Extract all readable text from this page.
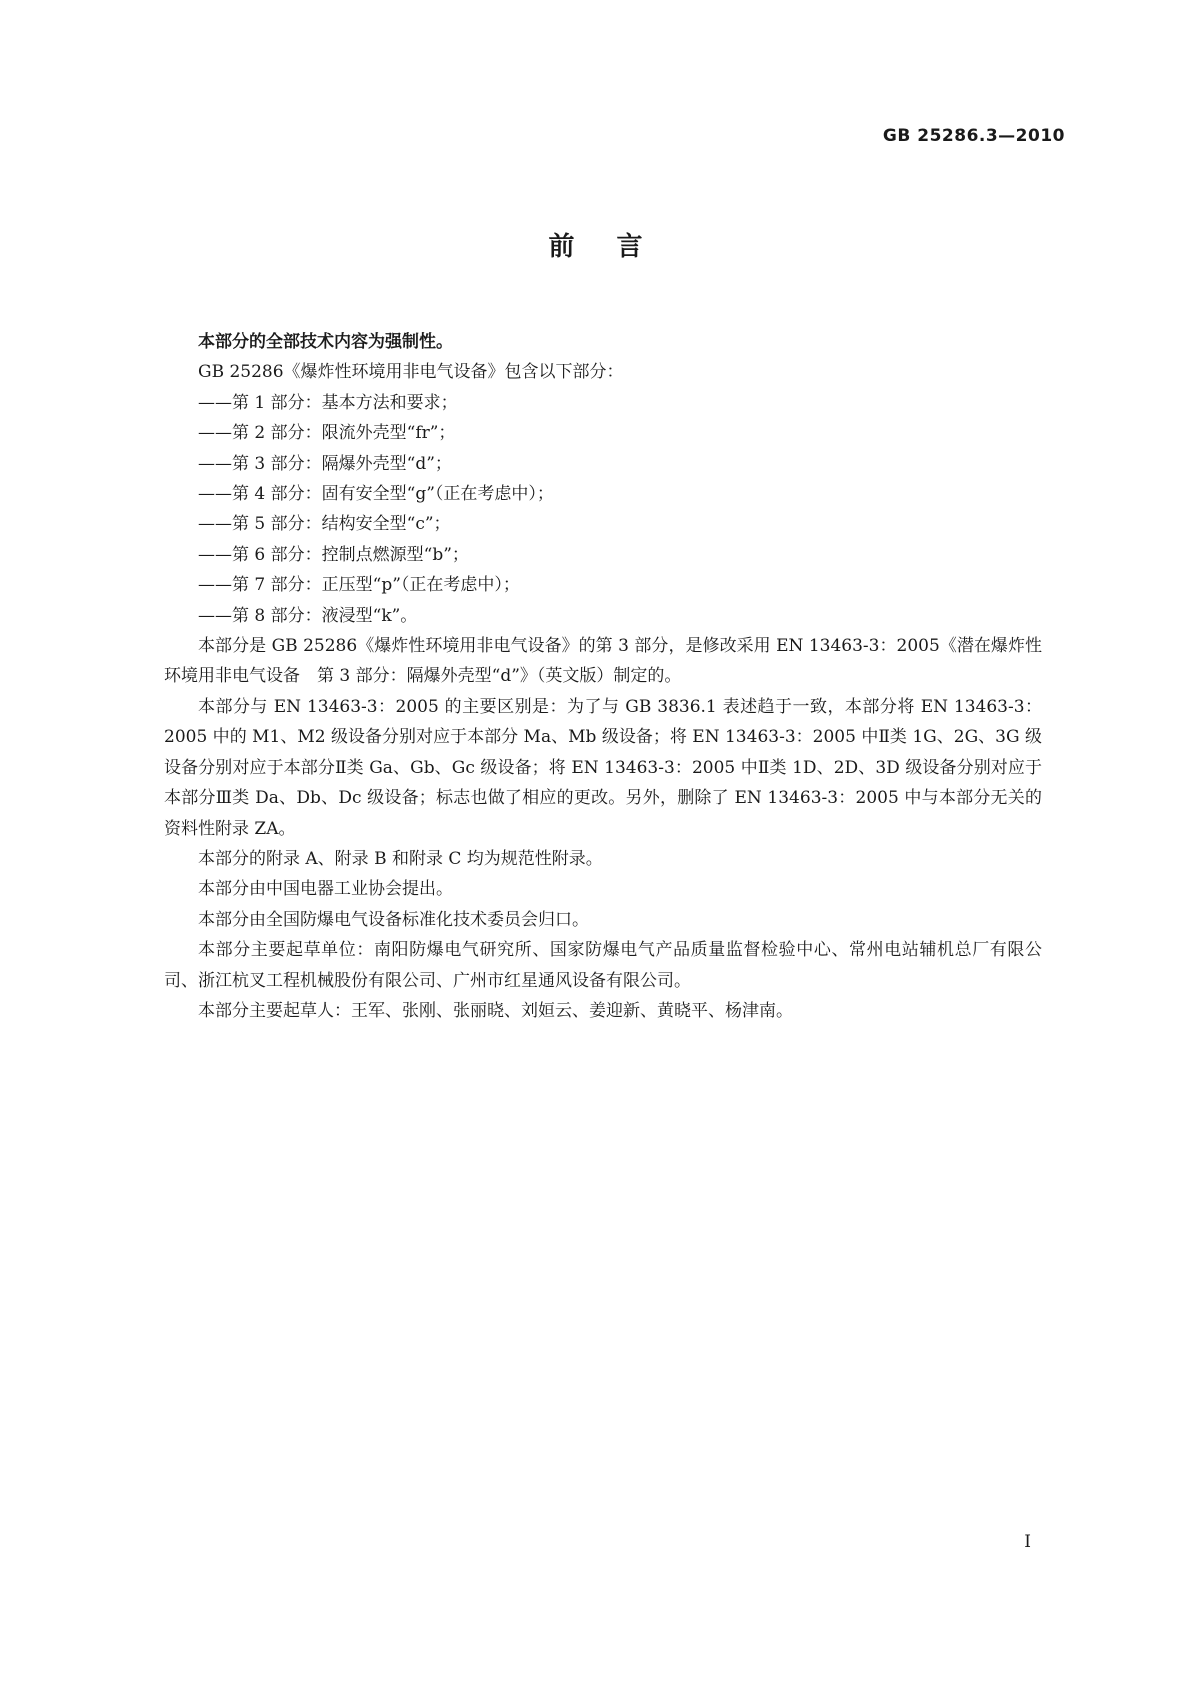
GB 25286.3—2010
前言

本部分的全部技术内容为强制性。

GB 25286《爆炸性环境用非电气设备》包含以下部分：

——第 1 部分：基本方法和要求；

——第 2 部分：限流外壳型“fr”；

——第 3 部分：隔爆外壳型“d”；

——第 4 部分：固有安全型“g”（正在考虑中）；

——第 5 部分：结构安全型“c”；

——第 6 部分：控制点燃源型“b”；

——第 7 部分：正压型“p”（正在考虑中）；

——第 8 部分：液浸型“k”。

本部分是 GB 25286《爆炸性环境用非电气设备》的第 3 部分，是修改采用 EN 13463-3：2005《潜在爆炸性环境用非电气设备　第 3 部分：隔爆外壳型“d”》（英文版）制定的。

本部分与 EN 13463-3：2005 的主要区别是：为了与 GB 3836.1 表述趋于一致，本部分将 EN 13463-3：2005 中的 M1、M2 级设备分别对应于本部分 Ma、Mb 级设备；将 EN 13463-3：2005 中Ⅱ类 1G、2G、3G 级设备分别对应于本部分Ⅱ类 Ga、Gb、Gc 级设备；将 EN 13463-3：2005 中Ⅱ类 1D、2D、3D 级设备分别对应于本部分Ⅲ类 Da、Db、Dc 级设备；标志也做了相应的更改。另外，删除了 EN 13463-3：2005 中与本部分无关的资料性附录 ZA。

本部分的附录 A、附录 B 和附录 C 均为规范性附录。

本部分由中国电器工业协会提出。

本部分由全国防爆电气设备标准化技术委员会归口。

本部分主要起草单位：南阳防爆电气研究所、国家防爆电气产品质量监督检验中心、常州电站辅机总厂有限公司、浙江杭叉工程机械股份有限公司、广州市红星通风设备有限公司。

本部分主要起草人：王军、张刚、张丽晓、刘姮云、姜迎新、黄晓平、杨津南。

I
